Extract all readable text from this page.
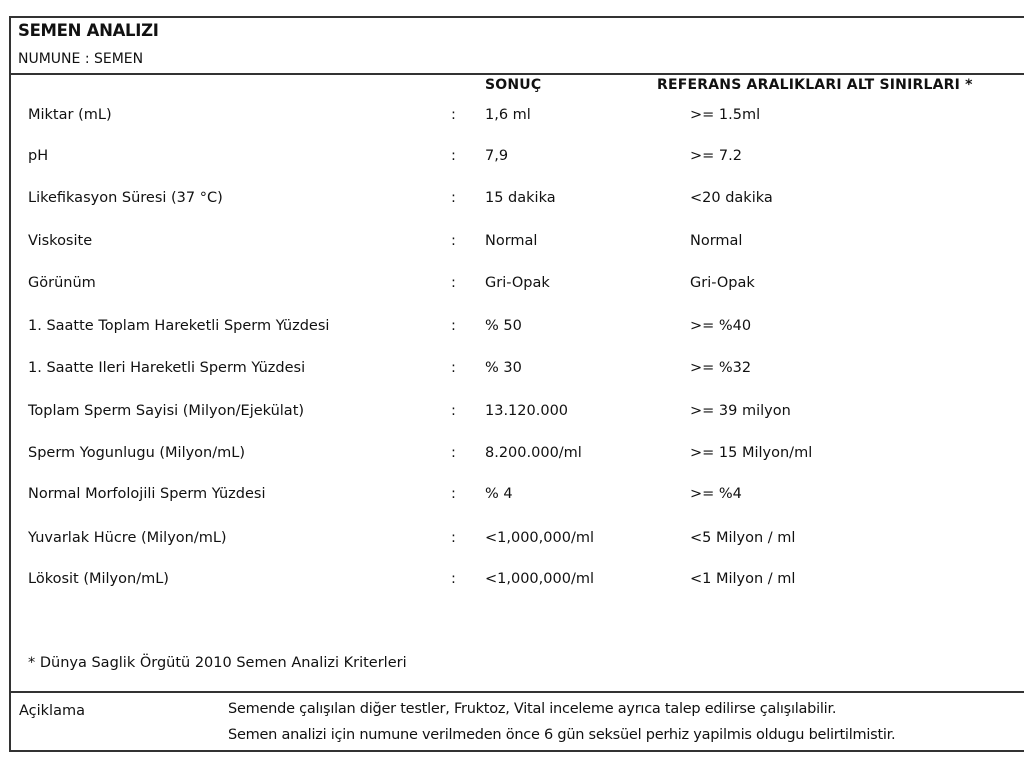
SEMEN ANALIZI
NUMUNE : SEMEN
SONUÇ	REFERANS ARALIKLARI ALT SINIRLARI *
Miktar (mL)	: 1,6 ml	>= 1.5ml
pH	: 7,9	>= 7.2
Likefikasyon Süresi (37 °C)	: 15 dakika	<20 dakika
Viskosite	: Normal	Normal
Görünüm	: Gri-Opak	Gri-Opak
1. Saatte Toplam Hareketli Sperm Yüzdesi	: % 50	>= %40
1. Saatte Ileri Hareketli Sperm Yüzdesi	: % 30	>= %32
Toplam Sperm Sayisi (Milyon/Ejekülat)	: 13.120.000	>= 39 milyon
Sperm Yogunlugu (Milyon/mL)	: 8.200.000/ml	>= 15 Milyon/ml
Normal Morfolojili Sperm Yüzdesi	: % 4	>= %4
Yuvarlak Hücre (Milyon/mL)	: <1,000,000/ml	<5 Milyon / ml
Lökosit (Milyon/mL)	: <1,000,000/ml	<1 Milyon / ml
* Dünya Saglik Örgütü 2010 Semen Analizi Kriterleri
Açiklama	Semende çalışılan diğer testler, Fruktoz, Vital inceleme ayrıca talep edilirse çalışılabilir.
Semen analizi için numune verilmeden önce 6 gün seksüel perhiz yapilmis oldugu belirtilmistir.
